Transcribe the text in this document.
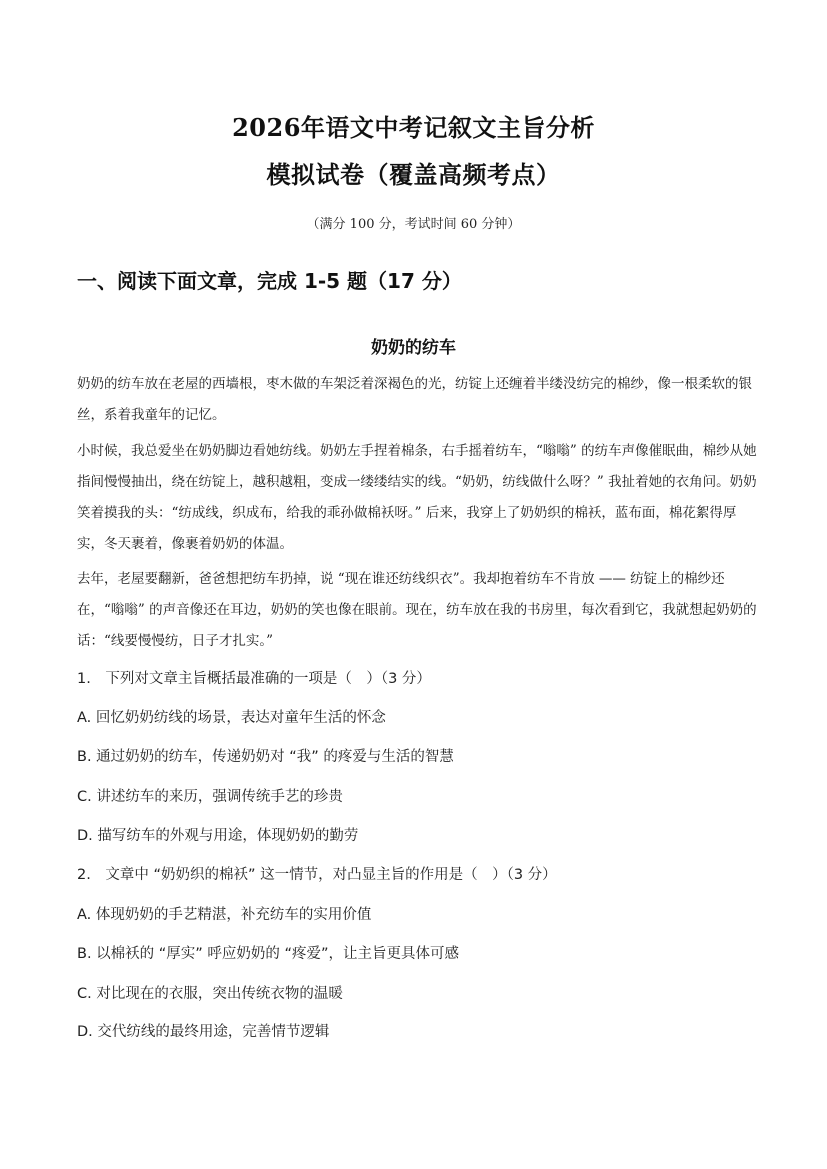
2026年语文中考记叙文主旨分析
模拟试卷（覆盖高频考点）
（满分 100 分，考试时间 60 分钟）
一、阅读下面文章，完成 1-5 题（17 分）
奶奶的纺车
奶奶的纺车放在老屋的西墙根，枣木做的车架泛着深褐色的光，纺锭上还缠着半缕没纺完的棉纱，像一根柔软的银丝，系着我童年的记忆。
小时候，我总爱坐在奶奶脚边看她纺线。奶奶左手捏着棉条，右手摇着纺车，“嗡嗡” 的纺车声像催眠曲，棉纱从她指间慢慢抽出，绕在纺锭上，越积越粗，变成一缕缕结实的线。“奶奶，纺线做什么呀？” 我扯着她的衣角问。奶奶笑着摸我的头：“纺成线，织成布，给我的乖孙做棉袄呀。” 后来，我穿上了奶奶织的棉袄，蓝布面，棉花絮得厚实，冬天裹着，像裹着奶奶的体温。
去年，老屋要翻新，爸爸想把纺车扔掉，说 “现在谁还纺线织衣”。我却抱着纺车不肯放 —— 纺锭上的棉纱还在，“嗡嗡” 的声音像还在耳边，奶奶的笑也像在眼前。现在，纺车放在我的书房里，每次看到它，我就想起奶奶的话：“线要慢慢纺，日子才扎实。”
1.　下列对文章主旨概括最准确的一项是（　）（3 分）
A. 回忆奶奶纺线的场景，表达对童年生活的怀念
B. 通过奶奶的纺车，传递奶奶对 “我” 的疼爱与生活的智慧
C. 讲述纺车的来历，强调传统手艺的珍贵
D. 描写纺车的外观与用途，体现奶奶的勤劳
2.　文章中 “奶奶织的棉袄” 这一情节，对凸显主旨的作用是（　）（3 分）
A. 体现奶奶的手艺精湛，补充纺车的实用价值
B. 以棉袄的 “厚实” 呼应奶奶的 “疼爱”，让主旨更具体可感
C. 对比现在的衣服，突出传统衣物的温暖
D. 交代纺线的最终用途，完善情节逻辑
